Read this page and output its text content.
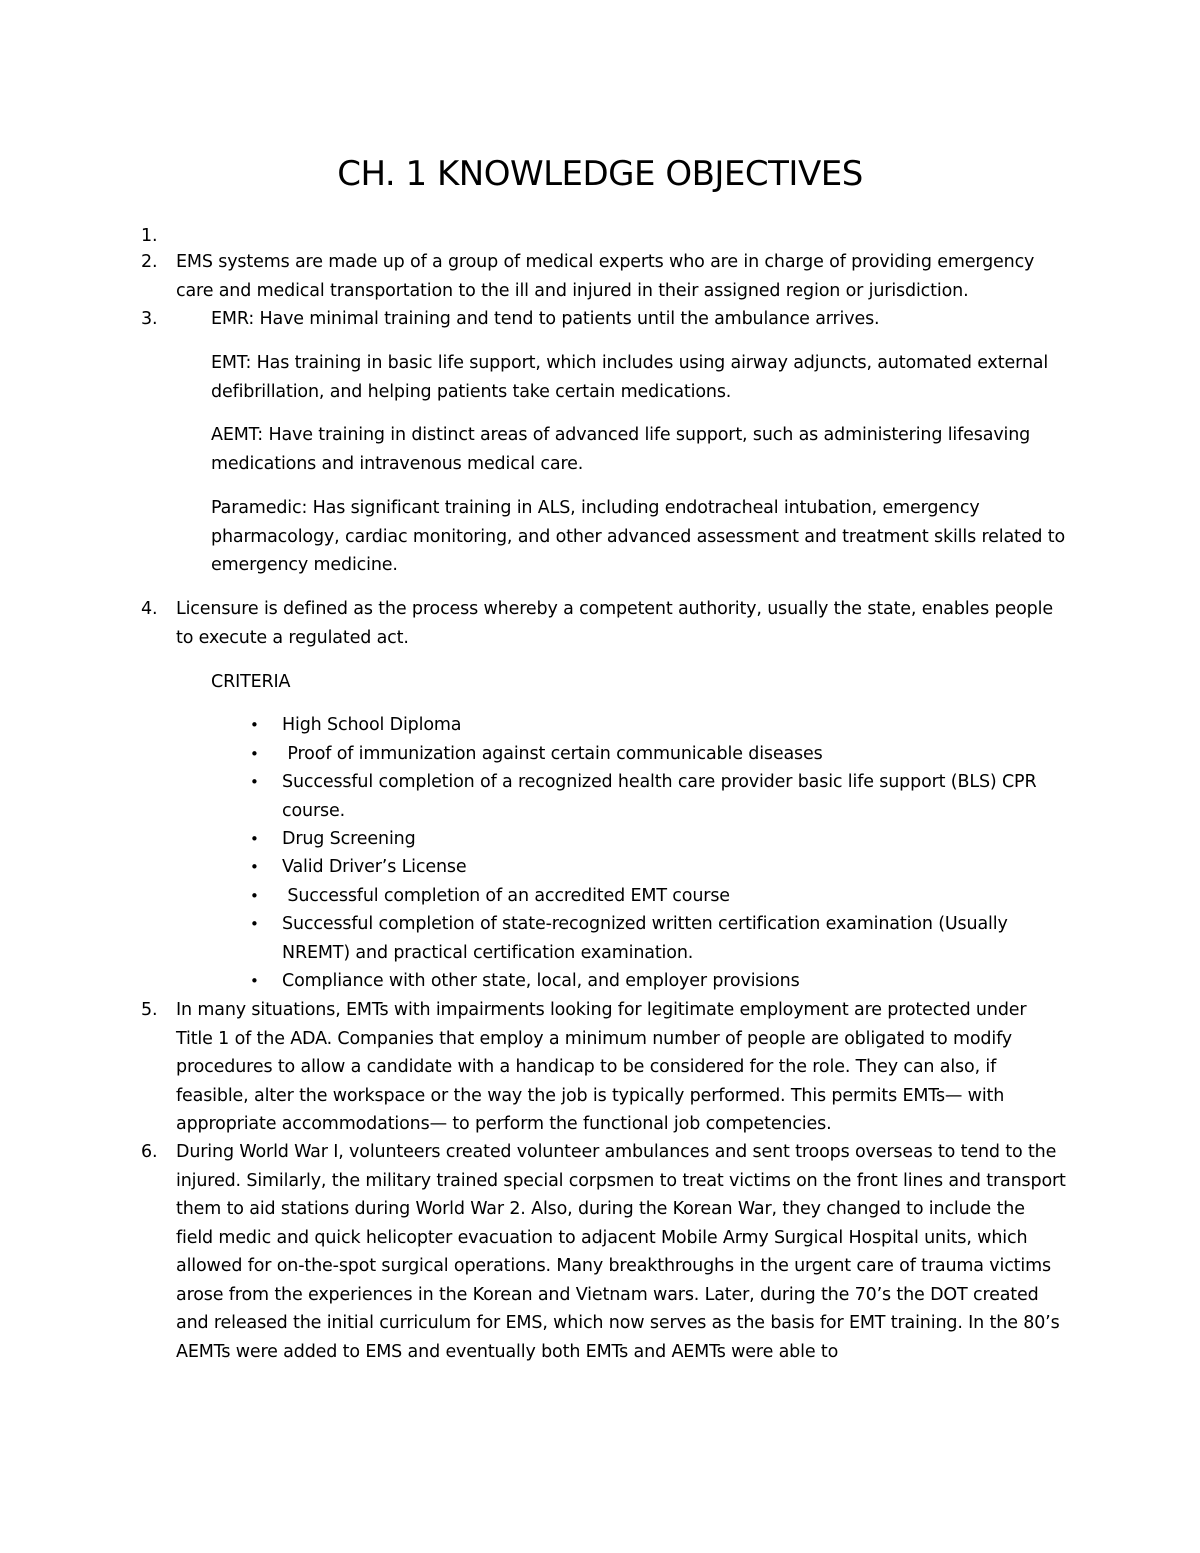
CH. 1 KNOWLEDGE OBJECTIVES
1.
2.	EMS systems are made up of a group of medical experts who are in charge of providing emergency care and medical transportation to the ill and injured in their assigned region or jurisdiction.
3.	EMR: Have minimal training and tend to patients until the ambulance arrives.
EMT: Has training in basic life support, which includes using airway adjuncts, automated external defibrillation, and helping patients take certain medications.
AEMT: Have training in distinct areas of advanced life support, such as administering lifesaving medications and intravenous medical care.
Paramedic: Has significant training in ALS, including endotracheal intubation, emergency pharmacology, cardiac monitoring, and other advanced assessment and treatment skills related to emergency medicine.
4.	Licensure is defined as the process whereby a competent authority, usually the state, enables people to execute a regulated act.
CRITERIA
•	High School Diploma
•	Proof of immunization against certain communicable diseases
•	Successful completion of a recognized health care provider basic life support (BLS) CPR course.
•	Drug Screening
•	Valid Driver’s License
•	Successful completion of an accredited EMT course
•	Successful completion of state-recognized written certification examination (Usually NREMT) and practical certification examination.
•	Compliance with other state, local, and employer provisions
5.	In many situations, EMTs with impairments looking for legitimate employment are protected under Title 1 of the ADA. Companies that employ a minimum number of people are obligated to modify procedures to allow a candidate with a handicap to be considered for the role. They can also, if feasible, alter the workspace or the way the job is typically performed. This permits EMTs— with appropriate accommodations— to perform the functional job competencies.
6.	During World War I, volunteers created volunteer ambulances and sent troops overseas to tend to the injured. Similarly, the military trained special corpsmen to treat victims on the front lines and transport them to aid stations during World War 2. Also, during the Korean War, they changed to include the field medic and quick helicopter evacuation to adjacent Mobile Army Surgical Hospital units, which allowed for on-the-spot surgical operations. Many breakthroughs in the urgent care of trauma victims arose from the experiences in the Korean and Vietnam wars. Later, during the 70’s the DOT created and released the initial curriculum for EMS, which now serves as the basis for EMT training. In the 80’s AEMTs were added to EMS and eventually both EMTs and AEMTs were able to
